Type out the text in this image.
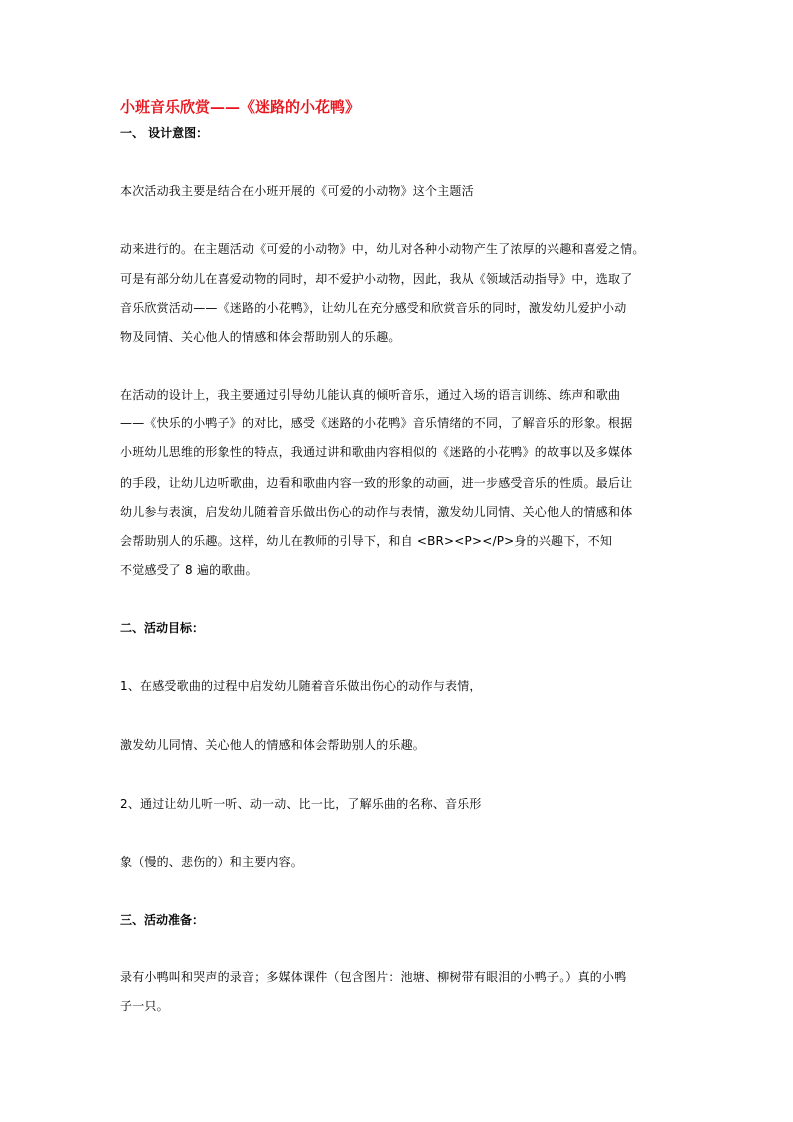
小班音乐欣赏——《迷路的小花鸭》
一、 设计意图：

本次活动我主要是结合在小班开展的《可爱的小动物》这个主题活

动来进行的。在主题活动《可爱的小动物》中，幼儿对各种小动物产生了浓厚的兴趣和喜爱之情。

可是有部分幼儿在喜爱动物的同时，却不爱护小动物，因此，我从《领域活动指导》中，选取了

音乐欣赏活动——《迷路的小花鸭》，让幼儿在充分感受和欣赏音乐的同时，激发幼儿爱护小动

物及同情、关心他人的情感和体会帮助别人的乐趣。

在活动的设计上，我主要通过引导幼儿能认真的倾听音乐，通过入场的语言训练、练声和歌曲

——《快乐的小鸭子》的对比，感受《迷路的小花鸭》音乐情绪的不同，了解音乐的形象。根据

小班幼儿思维的形象性的特点，我通过讲和歌曲内容相似的《迷路的小花鸭》的故事以及多媒体

的手段，让幼儿边听歌曲，边看和歌曲内容一致的形象的动画，进一步感受音乐的性质。最后让

幼儿参与表演，启发幼儿随着音乐做出伤心的动作与表情，激发幼儿同情、关心他人的情感和体

会帮助别人的乐趣。这样，幼儿在教师的引导下，和自 <BR><P></P>身的兴趣下，不知

不觉感受了 8 遍的歌曲。

二、活动目标：

1、在感受歌曲的过程中启发幼儿随着音乐做出伤心的动作与表情，

激发幼儿同情、关心他人的情感和体会帮助别人的乐趣。

2、通过让幼儿听一听、动一动、比一比，了解乐曲的名称、音乐形

象（慢的、悲伤的）和主要内容。

三、活动准备：

录有小鸭叫和哭声的录音；多媒体课件（包含图片：池塘、柳树带有眼泪的小鸭子。）真的小鸭

子一只。
